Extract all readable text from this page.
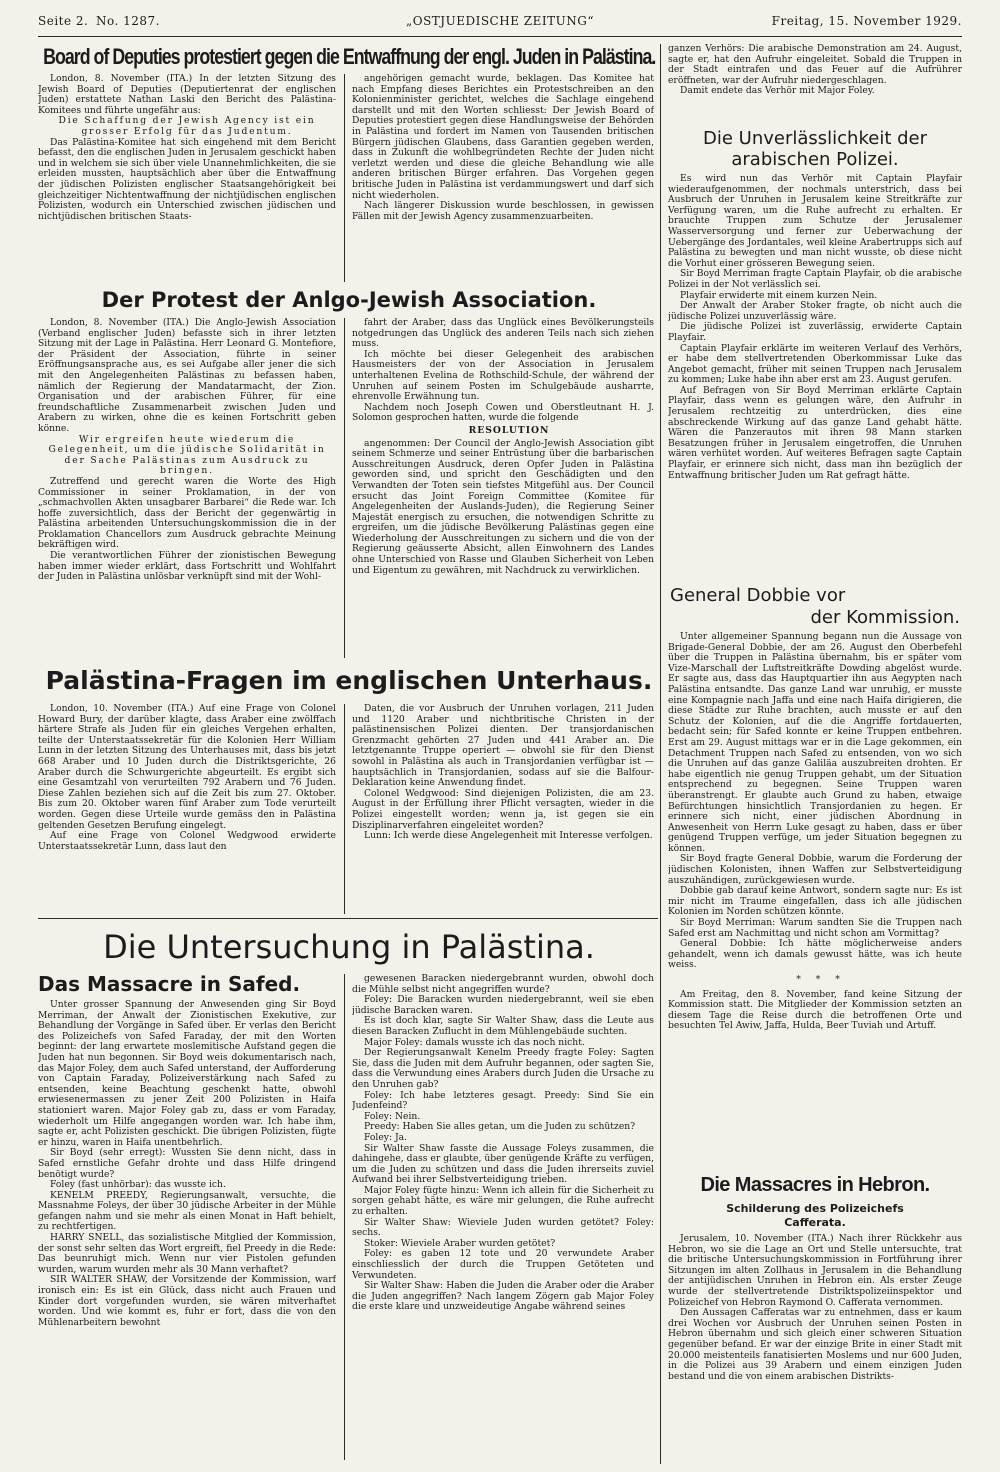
Seite 2. No. 1287.	„OSTJUEDISCHE ZEITUNG“	Freitag, 15. November 1929.
Board of Deputies protestiert gegen die Entwaffnung der engl. Juden in Palästina.

London, 8. November (ITA.) In der letzten Sitzung des Jewish Board of Deputies (Deputiertenrat der englischen Juden) erstattete Nathan Laski den Bericht des Palästina-Komitees und führte ungefähr aus:

Die Schaffung der Jewish Agency ist ein grosser Erfolg für das Judentum.

Das Palästina-Komitee hat sich eingehend mit dem Bericht befasst, den die englischen Juden in Jerusalem geschickt haben und in welchem sie sich über viele Unannehmlichkeiten, die sie erleiden mussten, hauptsächlich aber über die Entwaffnung der jüdischen Polizisten englischer Staatsangehörigkeit bei gleichzeitiger Nichtentwaffnung der nichtjüdischen englischen Polizisten, wodurch ein Unterschied zwischen jüdischen und nichtjüdischen britischen Staats-

angehörigen gemacht wurde, beklagen. Das Komitee hat nach Empfang dieses Berichtes ein Protestschreiben an den Kolonienminister gerichtet, welches die Sachlage eingehend darstellt und mit den Worten schliesst: Der Jewish Board of Deputies protestiert gegen diese Handlungsweise der Behörden in Palästina und fordert im Namen von Tausenden britischen Bürgern jüdischen Glaubens, dass Garantien gegeben werden, dass in Zukunft die wohlbegründeten Rechte der Juden nicht verletzt werden und diese die gleiche Behandlung wie alle anderen britischen Bürger erfahren. Das Vorgehen gegen britische Juden in Palästina ist verdammungswert und darf sich nicht wiederholen.

Nach längerer Diskussion wurde beschlossen, in gewissen Fällen mit der Jewish Agency zusammenzuarbeiten.

Der Protest der Anlgo-Jewish Association.

London, 8. November (ITA.) Die Anglo-Jewish Association (Verband englischer Juden) befasste sich in ihrer letzten Sitzung mit der Lage in Palästina. Herr Leonard G. Montefiore, der Präsident der Association, führte in seiner Eröffnungsansprache aus, es sei Aufgabe aller jener die sich mit den Angelegenheiten Palästinas zu befassen haben, nämlich der Regierung der Mandatarmacht, der Zion. Organisation und der arabischen Führer, für eine freundschaftliche Zusammenarbeit zwischen Juden und Arabern zu wirken, ohne die es keinen Fortschritt geben könne.

Wir ergreifen heute wiederum die Gelegenheit, um die jüdische Solidarität in der Sache Palästinas zum Ausdruck zu bringen.

Zutreffend und gerecht waren die Worte des High Commissioner in seiner Proklamation, in der von „schmachvollen Akten unsagbarer Barbarei“ die Rede war. Ich hoffe zuversichtlich, dass der Bericht der gegenwärtig in Palästina arbeitenden Untersuchungskommission die in der Proklamation Chancellors zum Ausdruck gebrachte Meinung bekräftigen wird.

Die verantwortlichen Führer der zionistischen Bewegung haben immer wieder erklärt, dass Fortschritt und Wohlfahrt der Juden in Palästina unlösbar verknüpft sind mit der Wohl-

fahrt der Araber, dass das Unglück eines Bevölkerungsteils notgedrungen das Unglück des anderen Teils nach sich ziehen muss.

Ich möchte bei dieser Gelegenheit des arabischen Hausmeisters der von der Association in Jerusalem unterhaltenen Evelina de Rothschild-Schule, der während der Unruhen auf seinem Posten im Schulgebäude ausharrte, ehrenvolle Erwähnung tun.

Nachdem noch Joseph Cowen und Oberstleutnant H. J. Solomon gesprochen hatten, wurde die folgende

RESOLUTION

angenommen: Der Council der Anglo-Jewish Association gibt seinem Schmerze und seiner Entrüstung über die barbarischen Ausschreitungen Ausdruck, deren Opfer Juden in Palästina geworden sind, und spricht den Geschädigten und den Verwandten der Toten sein tiefstes Mitgefühl aus. Der Council ersucht das Joint Foreign Committee (Komitee für Angelegenheiten der Auslands-Juden), die Regierung Seiner Majestät energisch zu ersuchen, die notwendigen Schritte zu ergreifen, um die jüdische Bevölkerung Palästinas gegen eine Wiederholung der Ausschreitungen zu sichern und die von der Regierung geäusserte Absicht, allen Einwohnern des Landes ohne Unterschied von Rasse und Glauben Sicherheit von Leben und Eigentum zu gewähren, mit Nachdruck zu verwirklichen.

Palästina-Fragen im englischen Unterhaus.

London, 10. November (ITA.) Auf eine Frage von Colonel Howard Bury, der darüber klagte, dass Araber eine zwölffach härtere Strafe als Juden für ein gleiches Vergehen erhalten, teilte der Unterstaatssekretär für die Kolonien Herr William Lunn in der letzten Sitzung des Unterhauses mit, dass bis jetzt 668 Araber und 10 Juden durch die Distriktsgerichte, 26 Araber durch die Schwurgerichte abgeurteilt. Es ergibt sich eine Gesamtzahl von verurteilten 792 Arabern und 76 Juden. Diese Zahlen beziehen sich auf die Zeit bis zum 27. Oktober. Bis zum 20. Oktober waren fünf Araber zum Tode verurteilt worden. Gegen diese Urteile wurde gemäss den in Palästina geltenden Gesetzen Berufung eingelegt.

Auf eine Frage von Colonel Wedgwood erwiderte Unterstaatssekretär Lunn, dass laut den

Daten, die vor Ausbruch der Unruhen vorlagen, 211 Juden und 1120 Araber und nichtbritische Christen in der palästinensischen Polizei dienten. Der transjordanischen Grenzmacht gehörten 27 Juden und 441 Araber an. Die letztgenannte Truppe operiert — obwohl sie für den Dienst sowohl in Palästina als auch in Transjordanien verfügbar ist — hauptsächlich in Transjordanien, sodass auf sie die Balfour-Deklaration keine Anwendung findet.

Colonel Wedgwood: Sind diejenigen Polizisten, die am 23. August in der Erfüllung ihrer Pflicht versagten, wieder in die Polizei eingestellt worden; wenn ja, ist gegen sie ein Disziplinarverfahren eingeleitet worden?

Lunn: Ich werde diese Angelegenheit mit Interesse verfolgen.

Die Untersuchung in Palästina.
Das Massacre in Safed.

Unter grosser Spannung der Anwesenden ging Sir Boyd Merriman, der Anwalt der Zionistischen Exekutive, zur Behandlung der Vorgänge in Safed über. Er verlas den Bericht des Polizeichefs von Safed Faraday, der mit den Worten beginnt: der lang erwartete moslemitische Aufstand gegen die Juden hat nun begonnen. Sir Boyd weis dokumentarisch nach, das Major Foley, dem auch Safed unterstand, der Aufforderung von Captain Faraday, Polizeiverstärkung nach Safed zu entsenden, keine Beachtung geschenkt hatte, obwohl erwiesenermassen zu jener Zeit 200 Polizisten in Haifa stationiert waren. Major Foley gab zu, dass er vom Faraday, wiederholt um Hilfe angegangen worden war. Ich habe ihm, sagte er, acht Polizisten geschickt. Die übrigen Polizisten, fügte er hinzu, waren in Haifa unentbehrlich.

Sir Boyd (sehr erregt): Wussten Sie denn nicht, dass in Safed ernstliche Gefahr drohte und dass Hilfe dringend benötigt wurde?

Foley (fast unhörbar): das wusste ich.

KENELM PREEDY, Regierungsanwalt, versuchte, die Massnahme Foleys, der über 30 jüdische Arbeiter in der Mühle gefangen nahm und sie mehr als einen Monat in Haft behielt, zu rechtfertigen.

HARRY SNELL, das sozialistische Mitglied der Kommission, der sonst sehr selten das Wort ergreift, fiel Preedy in die Rede: Das beunruhigt mich. Wenn nur vier Pistolen gefunden wurden, warum wurden mehr als 30 Mann verhaftet?

SIR WALTER SHAW, der Vorsitzende der Kommission, warf ironisch ein: Es ist ein Glück, dass nicht auch Frauen und Kinder dort vorgefunden wurden, sie wären mitverhaftet worden. Und wie kommt es, fuhr er fort, dass die von den Mühlenarbeitern bewohnt

gewesenen Baracken niedergebrannt wurden, obwohl doch die Mühle selbst nicht angegriffen wurde?

Foley: Die Baracken wurden niedergebrannt, weil sie eben jüdische Baracken waren.

Es ist doch klar, sagte Sir Walter Shaw, dass die Leute aus diesen Baracken Zuflucht in dem Mühlengebäude suchten.

Major Foley: damals wusste ich das noch nicht.

Der Regierungsanwalt Kenelm Preedy fragte Foley: Sagten Sie, dass die Juden mit dem Aufruhr begannen, oder sagten Sie, dass die Verwundung eines Arabers durch Juden die Ursache zu den Unruhen gab?

Foley: Ich habe letzteres gesagt. Preedy: Sind Sie ein Judenfeind?

Foley: Nein.

Preedy: Haben Sie alles getan, um die Juden zu schützen?

Foley: Ja.

Sir Walter Shaw fasste die Aussage Foleys zusammen, die dahingehe, dass er glaubte, über genügende Kräfte zu verfügen, um die Juden zu schützen und dass die Juden ihrerseits zuviel Aufwand bei ihrer Selbstverteidigung trieben.

Major Foley fügte hinzu: Wenn ich allein für die Sicherheit zu sorgen gehabt hätte, es wäre mir gelungen, die Ruhe aufrecht zu erhalten.

Sir Walter Shaw: Wieviele Juden wurden getötet? Foley: sechs.

Stoker: Wieviele Araber wurden getötet?

Foley: es gaben 12 tote und 20 verwundete Araber einschliesslich der durch die Truppen Getöteten und Verwundeten.

Sir Walter Shaw: Haben die Juden die Araber oder die Araber die Juden angegriffen? Nach langem Zögern gab Major Foley die erste klare und unzweideutige Angabe während seines

ganzen Verhörs: Die arabische Demonstration am 24. August, sagte er, hat den Aufruhr eingeleitet. Sobald die Truppen in der Stadt eintrafen und das Feuer auf die Aufrührer eröffneten, war der Aufruhr niedergeschlagen.

Damit endete das Verhör mit Major Foley.

Die Unverlässlichkeit der arabischen Polizei.

Es wird nun das Verhör mit Captain Playfair wiederaufgenommen, der nochmals unterstrich, dass bei Ausbruch der Unruhen in Jerusalem keine Streitkräfte zur Verfügung waren, um die Ruhe aufrecht zu erhalten. Er brauchte Truppen zum Schutze der Jerusalemer Wasserversorgung und ferner zur Ueberwachung der Uebergänge des Jordantales, weil kleine Arabertrupps sich auf Palästina zu bewegten und man nicht wusste, ob diese nicht die Vorhut einer grösseren Bewegung seien.

Sir Boyd Merriman fragte Captain Playfair, ob die arabische Polizei in der Not verlässlich sei.

Playfair erwiderte mit einem kurzen Nein.

Der Anwalt der Araber Stoker fragte, ob nicht auch die jüdische Polizei unzuverlässig wäre.

Die jüdische Polizei ist zuverlässig, erwiderte Captain Playfair.

Captain Playfair erklärte im weiteren Verlauf des Verhörs, er habe dem stellvertretenden Oberkommissar Luke das Angebot gemacht, früher mit seinen Truppen nach Jerusalem zu kommen; Luke habe ihn aber erst am 23. August gerufen.

Auf Befragen von Sir Boyd Merriman erklärte Captain Playfair, dass wenn es gelungen wäre, den Aufruhr in Jerusalem rechtzeitig zu unterdrücken, dies eine abschreckende Wirkung auf das ganze Land gehabt hätte. Wären die Panzerautos mit ihren 98 Mann starken Besatzungen früher in Jerusalem eingetroffen, die Unruhen wären verhütet worden. Auf weiteres Befragen sagte Captain Playfair, er erinnere sich nicht, dass man ihn bezüglich der Entwaffnung britischer Juden um Rat gefragt hätte.

General Dobbie vor
der Kommission.

Unter allgemeiner Spannung begann nun die Aussage von Brigade-General Dobbie, der am 26. August den Oberbefehl über die Truppen in Palästina übernahm, bis er später vom Vize-Marschall der Luftstreitkräfte Dowding abgelöst wurde. Er sagte aus, dass das Hauptquartier ihn aus Aegypten nach Palästina entsandte. Das ganze Land war unruhig, er musste eine Kompagnie nach Jaffa und eine nach Haifa dirigieren, die diese Städte zur Ruhe brachten, auch musste er auf den Schutz der Kolonien, auf die die Angriffe fortdauerten, bedacht sein; für Safed konnte er keine Truppen entbehren. Erst am 29. August mittags war er in die Lage gekommen, ein Detachment Truppen nach Safed zu entsenden, von wo sich die Unruhen auf das ganze Galiläa auszubreiten drohten. Er habe eigentlich nie genug Truppen gehabt, um der Situation entsprechend zu begegnen. Seine Truppen waren überanstrengt. Er glaubte auch Grund zu haben, etwaige Befürchtungen hinsichtlich Transjordanien zu hegen. Er erinnere sich nicht, einer jüdischen Abordnung in Anwesenheit von Herrn Luke gesagt zu haben, dass er über genügend Truppen verfüge, um jeder Situation begegnen zu können.

Sir Boyd fragte General Dobbie, warum die Forderung der jüdischen Kolonisten, ihnen Waffen zur Selbstverteidigung auszuhändigen, zurückgewiesen wurde.

Dobbie gab darauf keine Antwort, sondern sagte nur: Es ist mir nicht im Traume eingefallen, dass ich alle jüdischen Kolonien im Norden schützen könnte.

Sir Boyd Merriman: Warum sandten Sie die Truppen nach Safed erst am Nachmittag und nicht schon am Vormittag?

General Dobbie: Ich hätte möglicherweise anders gehandelt, wenn ich damals gewusst hätte, was ich heute weiss.

* * *

Am Freitag, den 8. November, fand keine Sitzung der Kommission statt. Die Mitglieder der Kommission setzten an diesem Tage die Reise durch die betroffenen Orte und besuchten Tel Awiw, Jaffa, Hulda, Beer Tuviah und Artuff.

Die Massacres in Hebron.
Schilderung des Polizeichefs
Cafferata.

Jerusalem, 10. November (ITA.) Nach ihrer Rückkehr aus Hebron, wo sie die Lage an Ort und Stelle untersuchte, trat die britische Untersuchungskommission in Fortführung ihrer Sitzungen im alten Zollhaus in Jerusalem in die Behandlung der antijüdischen Unruhen in Hebron ein. Als erster Zeuge wurde der stellvertretende Distriktspolizeiinspektor und Polizeichef von Hebron Raymond O. Cafferata vernommen.

Den Aussagen Cafferatas war zu entnehmen, dass er kaum drei Wochen vor Ausbruch der Unruhen seinen Posten in Hebron übernahm und sich gleich einer schweren Situation gegenüber befand. Er war der einzige Brite in einer Stadt mit 20.000 meistenteils fanatisierten Moslems und nur 600 Juden, in die Polizei aus 39 Arabern und einem einzigen Juden bestand und die von einem arabischen Distrikts-
